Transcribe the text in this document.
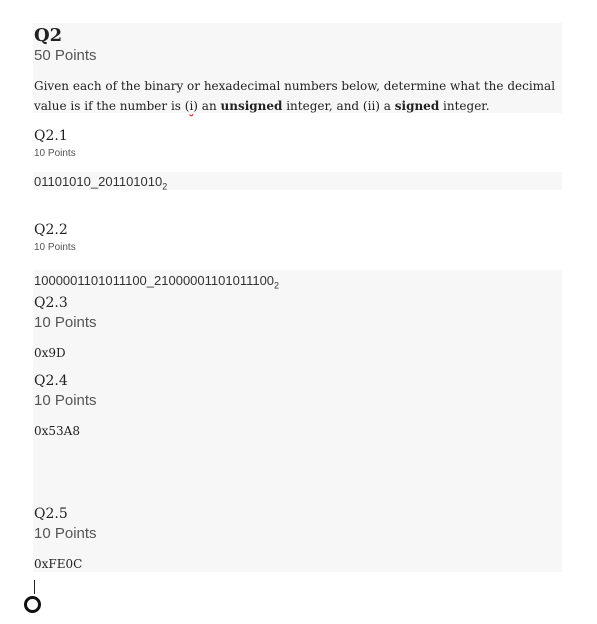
Q2
50 Points
Given each of the binary or hexadecimal numbers below, determine what the decimal value is if the number is (i) an unsigned integer, and (ii) a signed integer.
Q2.1
10 Points
$01101010\_201101010_2$
Q2.2
10 Points
$1000001101011100\_21000001101011100_2$
Q2.3
10 Points
0x9D
Q2.4
10 Points
0x53A8
Q2.5
10 Points
0xFE0C
